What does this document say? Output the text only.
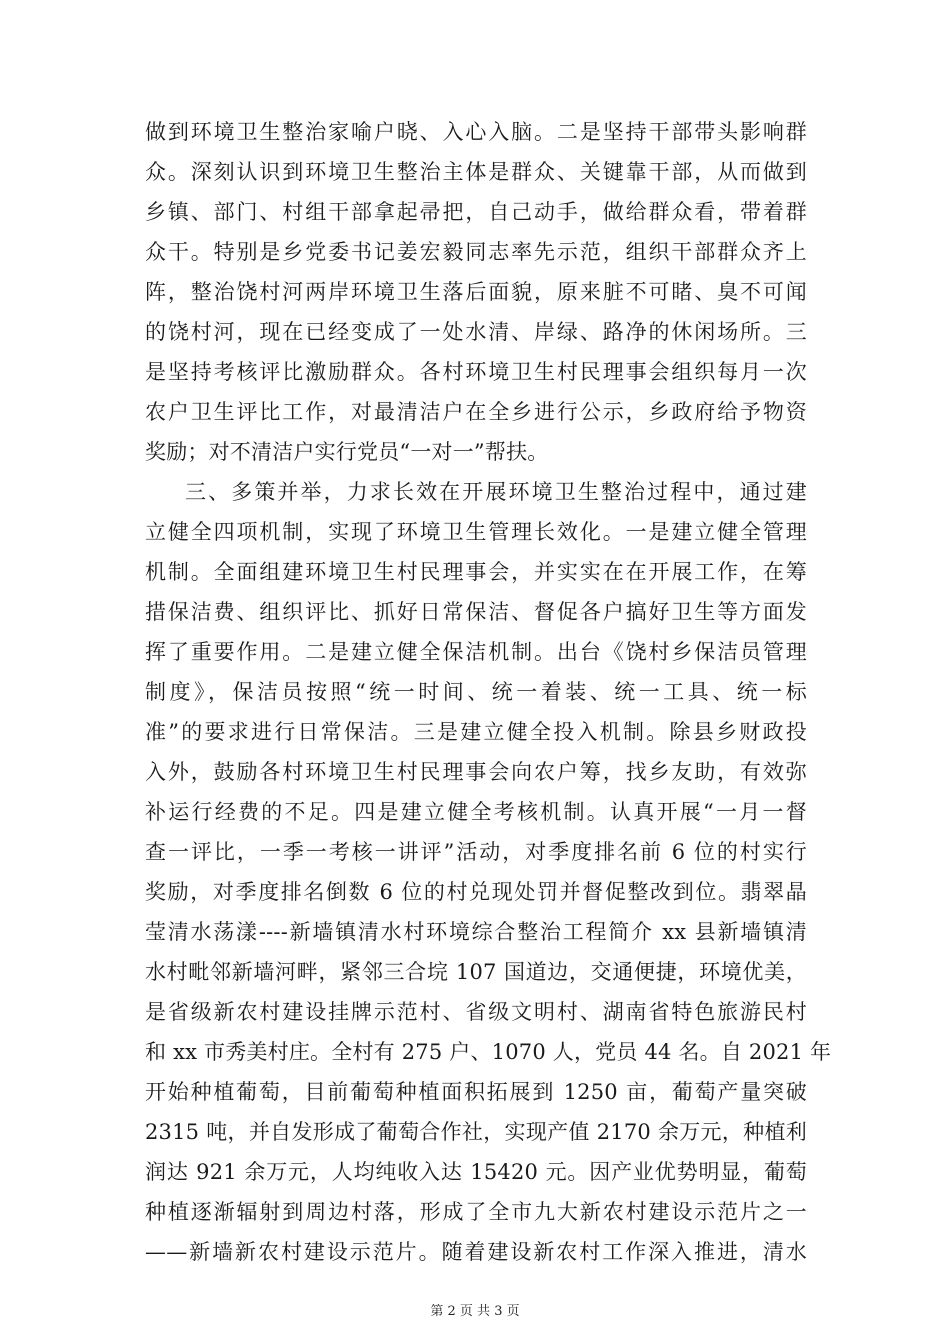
做到环境卫生整治家喻户晓、入心入脑。二是坚持干部带头影响群
众。深刻认识到环境卫生整治主体是群众、关键靠干部，从而做到
乡镇、部门、村组干部拿起帚把，自己动手，做给群众看，带着群
众干。特别是乡党委书记姜宏毅同志率先示范，组织干部群众齐上
阵，整治饶村河两岸环境卫生落后面貌，原来脏不可睹、臭不可闻
的饶村河，现在已经变成了一处水清、岸绿、路净的休闲场所。三
是坚持考核评比激励群众。各村环境卫生村民理事会组织每月一次
农户卫生评比工作，对最清洁户在全乡进行公示，乡政府给予物资
奖励；对不清洁户实行党员“一对一”帮扶。
三、多策并举，力求长效在开展环境卫生整治过程中，通过建
立健全四项机制，实现了环境卫生管理长效化。一是建立健全管理
机制。全面组建环境卫生村民理事会，并实实在在开展工作，在筹
措保洁费、组织评比、抓好日常保洁、督促各户搞好卫生等方面发
挥了重要作用。二是建立健全保洁机制。出台《饶村乡保洁员管理
制度》，保洁员按照“统一时间、统一着装、统一工具、统一标
准”的要求进行日常保洁。三是建立健全投入机制。除县乡财政投
入外，鼓励各村环境卫生村民理事会向农户筹，找乡友助，有效弥
补运行经费的不足。四是建立健全考核机制。认真开展“一月一督
查一评比，一季一考核一讲评”活动，对季度排名前 6 位的村实行
奖励，对季度排名倒数 6 位的村兑现处罚并督促整改到位。翡翠晶
莹清水荡漾----新墙镇清水村环境综合整治工程简介 xx 县新墙镇清
水村毗邻新墙河畔，紧邻三合垸 107 国道边，交通便捷，环境优美，
是省级新农村建设挂牌示范村、省级文明村、湖南省特色旅游民村
和 xx 市秀美村庄。全村有 275 户、1070 人，党员 44 名。自 2021 年
开始种植葡萄，目前葡萄种植面积拓展到 1250 亩，葡萄产量突破
2315 吨，并自发形成了葡萄合作社，实现产值 2170 余万元，种植利
润达 921 余万元，人均纯收入达 15420 元。因产业优势明显，葡萄
种植逐渐辐射到周边村落，形成了全市九大新农村建设示范片之一
——新墙新农村建设示范片。随着建设新农村工作深入推进，清水
第 2 页 共 3 页
